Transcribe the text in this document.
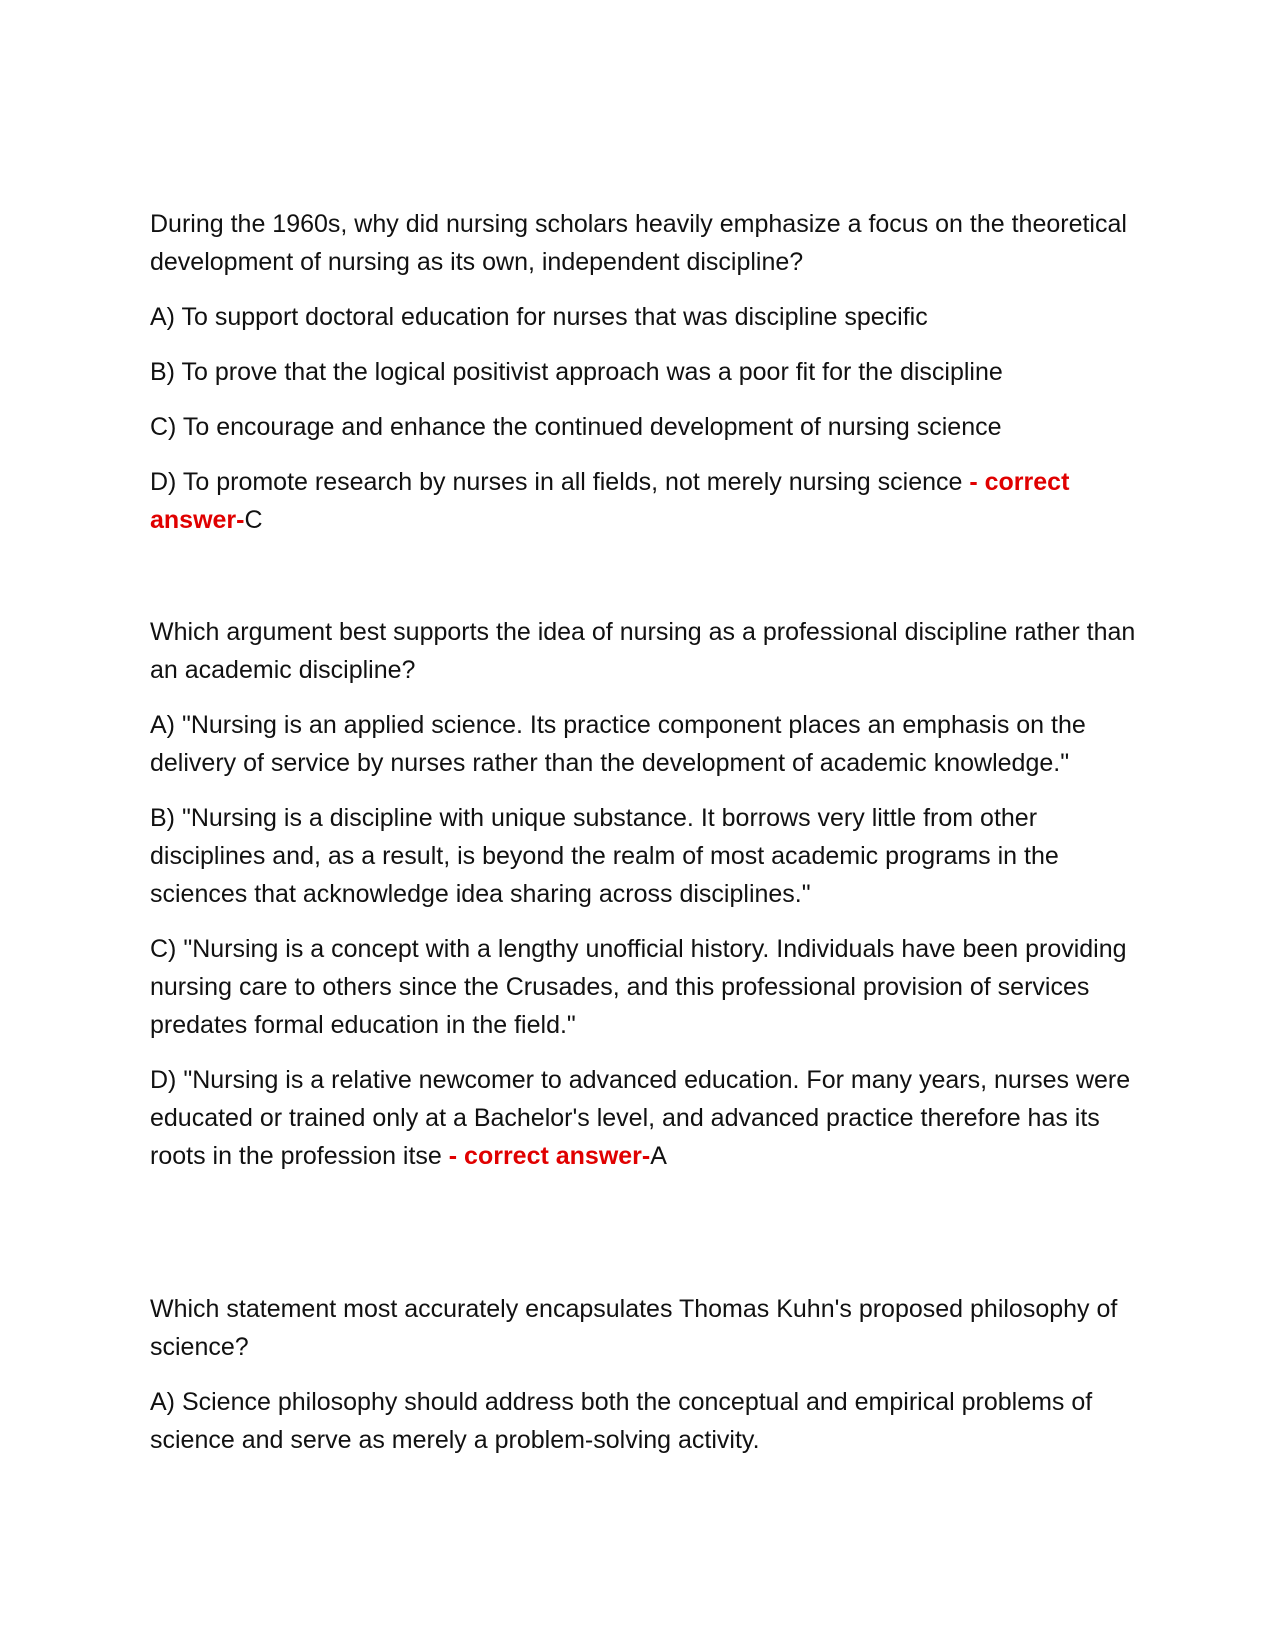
During the 1960s, why did nursing scholars heavily emphasize a focus on the theoretical development of nursing as its own, independent discipline?

A) To support doctoral education for nurses that was discipline specific

B) To prove that the logical positivist approach was a poor fit for the discipline

C) To encourage and enhance the continued development of nursing science

D) To promote research by nurses in all fields, not merely nursing science - correct answer-C

Which argument best supports the idea of nursing as a professional discipline rather than an academic discipline?

A) "Nursing is an applied science. Its practice component places an emphasis on the delivery of service by nurses rather than the development of academic knowledge."

B) "Nursing is a discipline with unique substance. It borrows very little from other disciplines and, as a result, is beyond the realm of most academic programs in the sciences that acknowledge idea sharing across disciplines."

C) "Nursing is a concept with a lengthy unofficial history. Individuals have been providing nursing care to others since the Crusades, and this professional provision of services predates formal education in the field."

D) "Nursing is a relative newcomer to advanced education. For many years, nurses were educated or trained only at a Bachelor's level, and advanced practice therefore has its roots in the profession itse - correct answer-A

Which statement most accurately encapsulates Thomas Kuhn's proposed philosophy of science?

A) Science philosophy should address both the conceptual and empirical problems of science and serve as merely a problem-solving activity.
